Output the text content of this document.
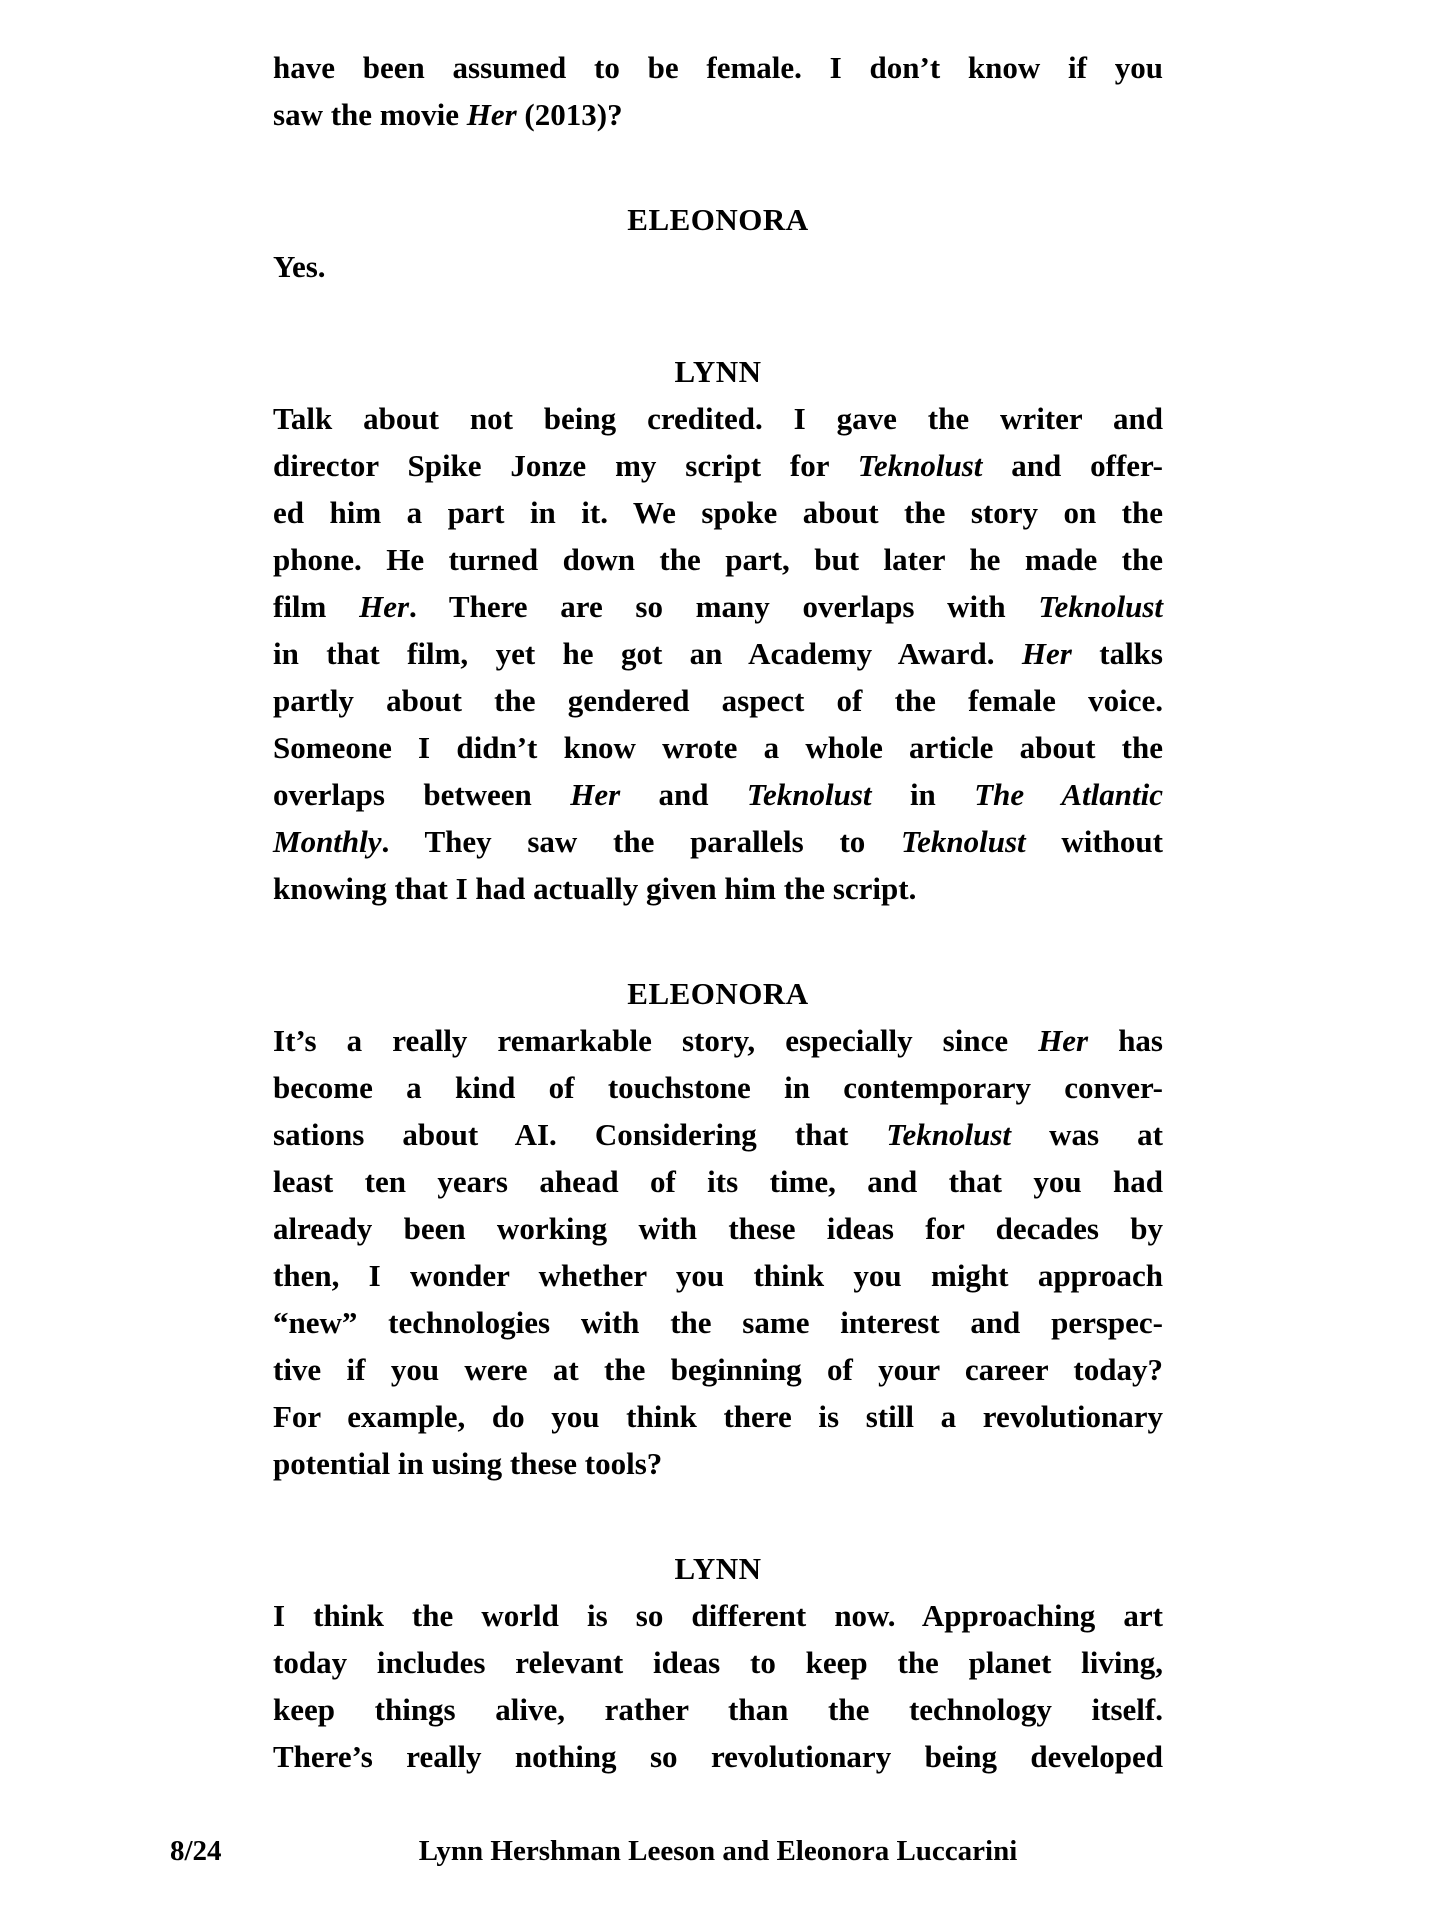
have been assumed to be female. I don’t know if you
saw the movie Her (2013)?
ELEONORA
Yes.
LYNN
Talk about not being credited. I gave the writer and
director Spike Jonze my script for Teknolust and offer-
ed him a part in it. We spoke about the story on the
phone. He turned down the part, but later he made the
film Her. There are so many overlaps with Teknolust
in that film, yet he got an Academy Award. Her talks
partly about the gendered aspect of the female voice.
Someone I didn’t know wrote a whole article about the
overlaps between Her and Teknolust in The Atlantic
Monthly. They saw the parallels to Teknolust without
knowing that I had actually given him the script.
ELEONORA
It’s a really remarkable story, especially since Her has
become a kind of touchstone in contemporary conver-
sations about AI. Considering that Teknolust was at
least ten years ahead of its time, and that you had
already been working with these ideas for decades by
then, I wonder whether you think you might approach
“new” technologies with the same interest and perspec-
tive if you were at the beginning of your career today?
For example, do you think there is still a revolutionary
potential in using these tools?
LYNN
I think the world is so different now. Approaching art
today includes relevant ideas to keep the planet living,
keep things alive, rather than the technology itself.
There’s really nothing so revolutionary being developed
8/24	Lynn Hershman Leeson and Eleonora Luccarini
